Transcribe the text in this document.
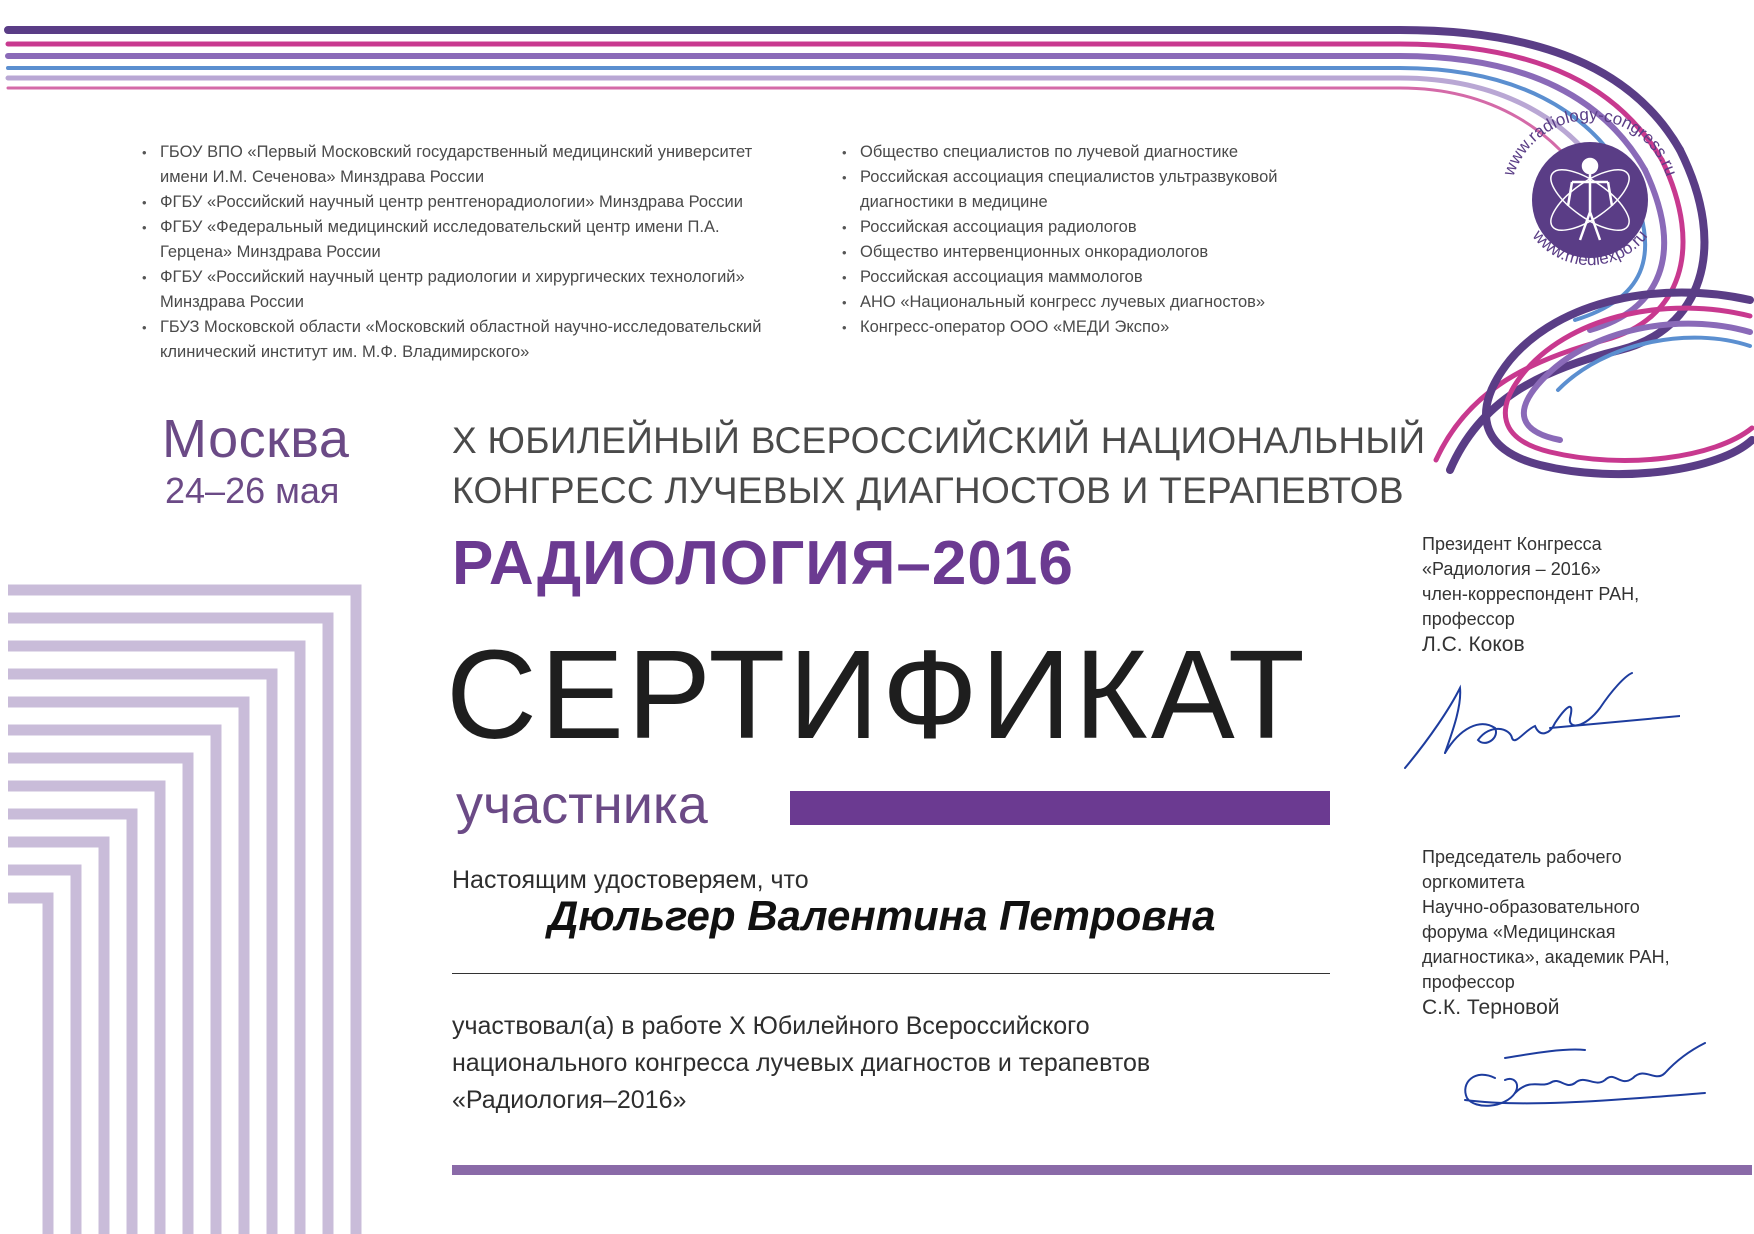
www.radiology-congress.ru
www.mediexpo.ru
• ГБОУ ВПО «Первый Московский государственный медицинский университет имени И.М. Сеченова» Минздрава России
• ФГБУ «Российский научный центр рентгенорадиологии» Минздрава России
• ФГБУ «Федеральный медицинский исследовательский центр имени П.А. Герцена» Минздрава России
• ФГБУ «Российский научный центр радиологии и хирургических технологий» Минздрава России
• ГБУЗ Московской области «Московский областной научно-исследовательский клинический институт им. М.Ф. Владимирского»
• Общество специалистов по лучевой диагностике
• Российская ассоциация специалистов ультразвуковой диагностики в медицине
• Российская ассоциация радиологов
• Общество интервенционных онкорадиологов
• Российская ассоциация маммологов
• АНО «Национальный конгресс лучевых диагностов»
• Конгресс-оператор ООО «МЕДИ Экспо»
Москва
24–26 мая
X ЮБИЛЕЙНЫЙ ВСЕРОССИЙСКИЙ НАЦИОНАЛЬНЫЙ
КОНГРЕСС ЛУЧЕВЫХ ДИАГНОСТОВ И ТЕРАПЕВТОВ
РАДИОЛОГИЯ–2016
СЕРТИФИКАТ
участника
Настоящим удостоверяем, что
Дюльгер Валентина Петровна
участвовал(а) в работе X Юбилейного Всероссийского
национального конгресса лучевых диагностов и терапевтов
«Радиология–2016»
Президент Конгресса
«Радиология – 2016»
член-корреспондент РАН,
профессор
Л.С. Коков
Председатель рабочего
оргкомитета
Научно-образовательного
форума «Медицинская
диагностика», академик РАН,
профессор
С.К. Терновой
